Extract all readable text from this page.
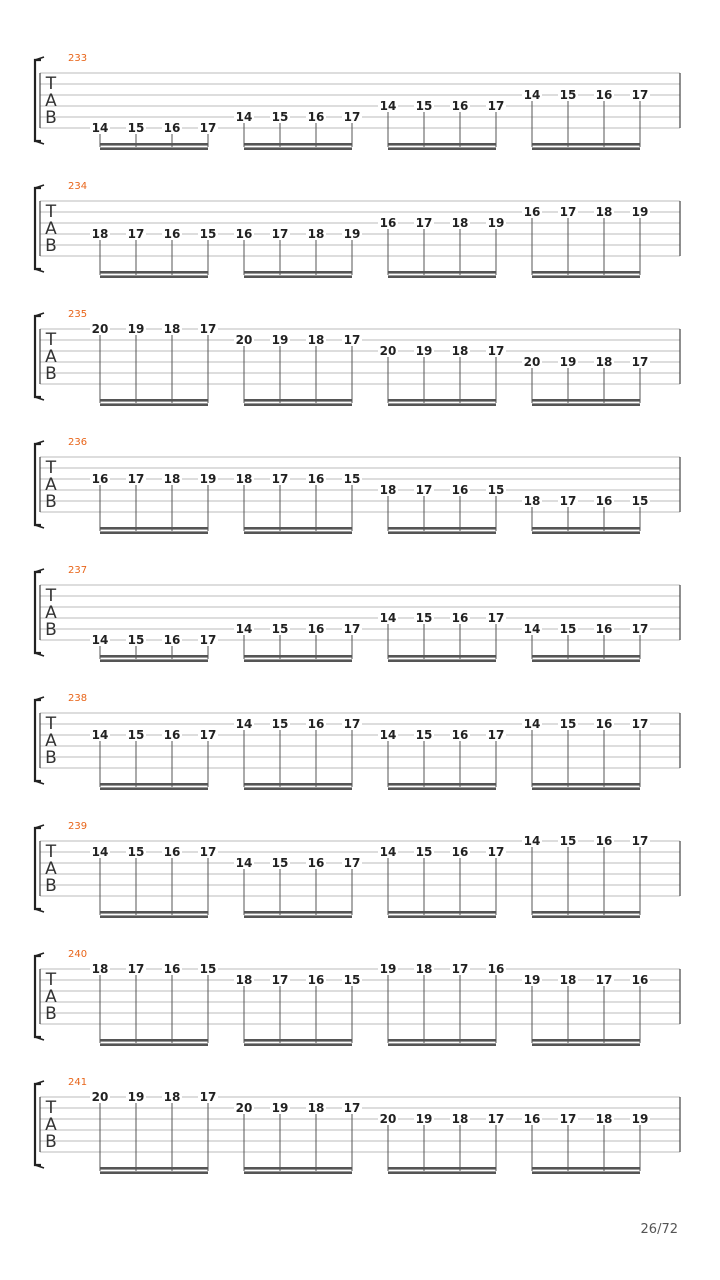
T
A
B
233
14 15 16 17
14 15 16 17
14 15 16 17
14 15 16 17
T
A
B
234
18 17 16 15 16 17 18 19
16 17 18 19
16 17 18 19
T
A
B
235
20 19 18 17
20 19 18 17
20 19 18 17
20 19 18 17
T
A
B
236
16 17 18 19 18 17 16 15
18 17 16 15
18 17 16 15
T
A
B
237
14 15 16 17
14 15 16 17
14 15 16 17
14 15 16 17
T
A
B
238
14 15 16 17
14 15 16 17
14 15 16 17
14 15 16 17
T
A
B
239
14 15 16 17
14 15 16 17
14 15 16 17
14 15 16 17
T
A
B
240
18 17 16 15
18 17 16 15
19 18 17 16
19 18 17 16
T
A
B
241
20 19 18 17
20 19 18 17
20 19 18 17 16 17 18 19
26/72
